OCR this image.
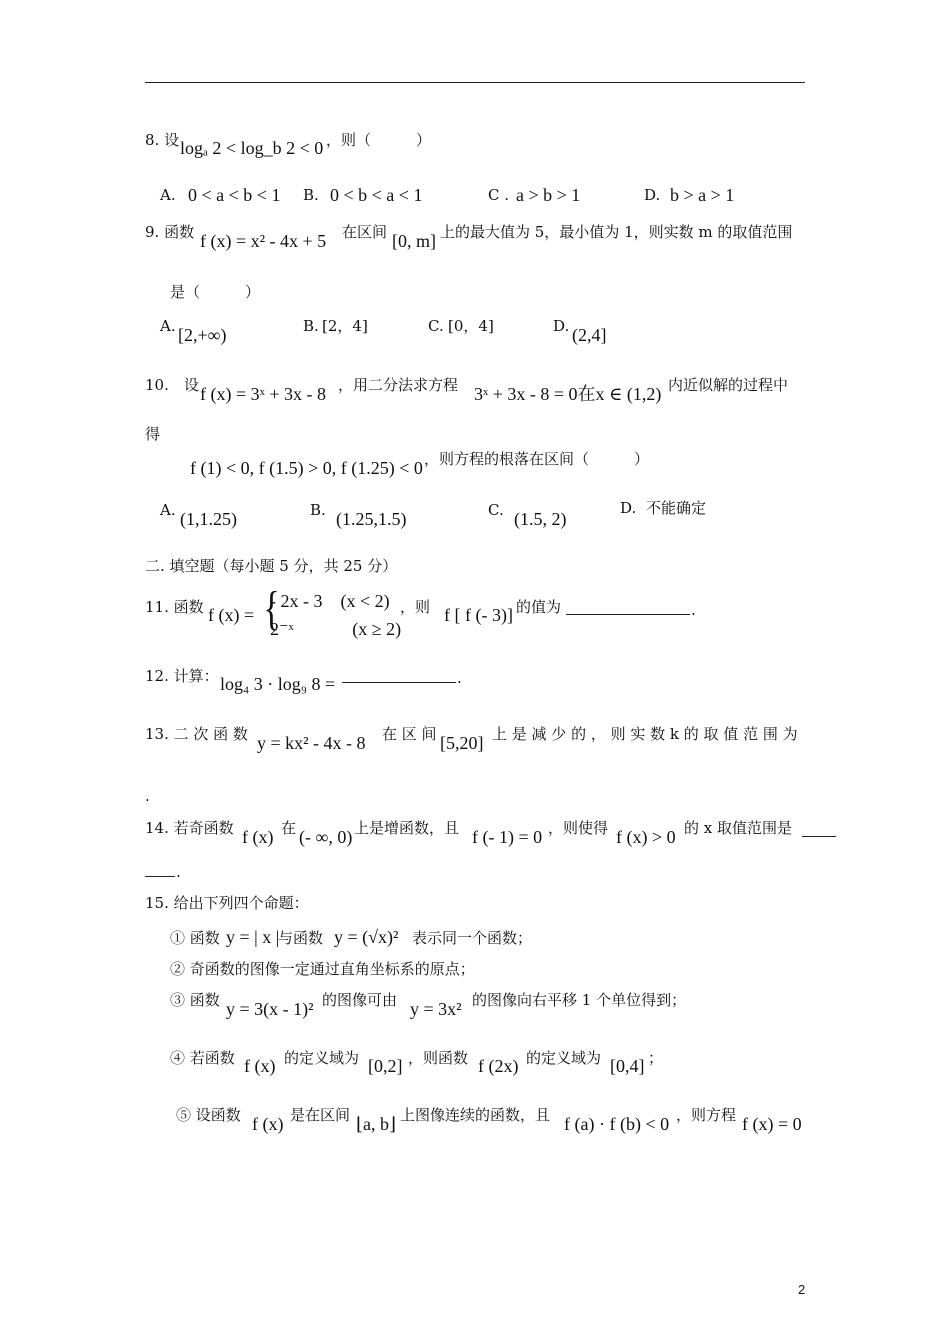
8. 设 logₐ 2 < log_b 2 < 0 ，则（　　　）
A. 0 < a < b < 1 B. 0 < b < a < 1	C . a > b > 1	D. b > a > 1
9. 函数 f (x) = x² - 4x + 5 在区间 [0, m] 上的最大值为 5，最小值为 1，则实数 m 的取值范围
是（　　　）
A. [2,+∞)	B. [2，4]	C. [0，4]	D. (2,4]
10.　设 f (x) = 3ˣ + 3x - 8 ，用二分法求方程 3ˣ + 3x - 8 = 0在x ∈ (1,2) 内近似解的过程中
得
f (1) < 0, f (1.5) > 0, f (1.25) < 0 ，则方程的根落在区间（　　　）
A. (1,1.25)	B. (1.25,1.5)	C. (1.5, 2)
D. 不能确定
二. 填空题（每小题 5 分，共 25 分）
11. 函数 f (x) = {
- 2x - 3　(x < 2)
2⁻ˣ　　　 (x ≥ 2)
，则 f [ f (- 3)] 的值为	.
12. 计算： log₄ 3 · log₉ 8 =	.
13. 二 次 函 数 y = kx² - 4x - 8 在 区 间 [5,20] 上 是 减 少 的 ， 则 实 数 k 的 取 值 范 围 为
.
14. 若奇函数 f (x) 在 (- ∞, 0) 上是增函数，且 f (- 1) = 0 ，则使得 f (x) > 0 的 x 取值范围是
.
15. 给出下列四个命题：
① 函数 y = | x |
与函数 y = (√x)² 表示同一个函数；
② 奇函数的图像一定通过直角坐标系的原点；
③ 函数 y = 3(x - 1)² 的图像可由 y = 3x² 的图像向右平移 1 个单位得到；
④ 若函数 f (x) 的定义域为 [0,2] ，则函数 f (2x) 的定义域为 [0,4] ；
⑤ 设函数 f (x) 是在区间 ⌊a, b⌋ 上图像连续的函数，且 f (a) · f (b) < 0 ，则方程 f (x) = 0
2
